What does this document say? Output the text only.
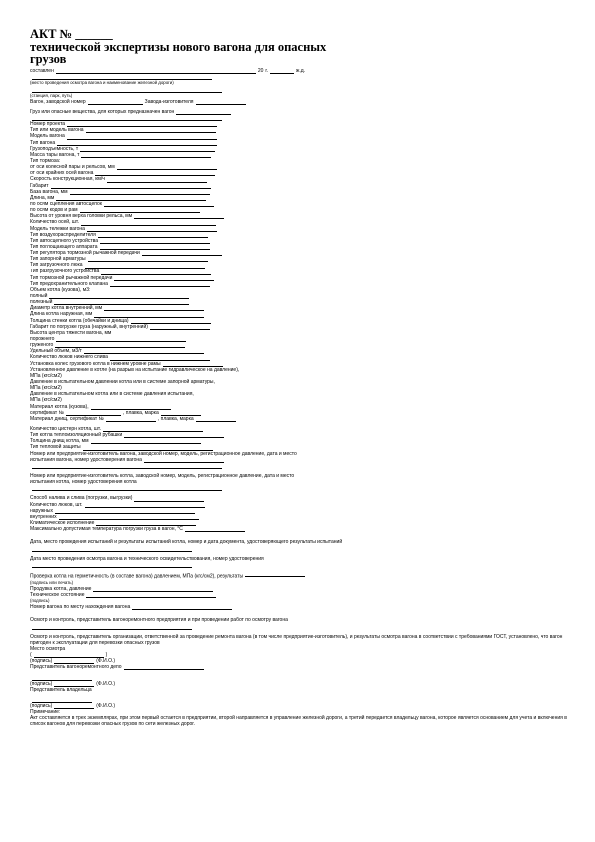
АКТ № ______
технической экспертизы нового вагона для опасных
грузов
составлен	20 г.	ж.д.
(место проведения осмотра вагона и наименование железной дороги)
(станция, парк, путь)
Вагон, заводской номер	Завода-изготовителя
Груз или опасные вещества, для которых предназначен вагон
Номер проекта
Тип или модель вагона
Модель вагона
Тип вагона
Грузоподъемность, т
Масса тары вагона, т
Тип тормоза:
от оси колесной пары и рельсов, мм
от оси крайних осей вагона
Скорость конструкционная, км/ч
Габарит
База вагона, мм
Длина, мм
по осям сцепления автосцепок
по осям кодов и рам
Высота от уровня верха головки рельса, мм
Количество осей, шт.
Модель тележки вагона
Тип воздухораспределителя
Тип автосцепного устройства
Тип поглощающего аппарата
Тип регулятора тормозной рычажной передачи
Тип запорной арматуры
Тип загрузочного люка
Тип разгрузочного устройства
Тип тормозной рычажной передачи
Тип предохранительного клапана
Объем котла (кузова), м3:
полный
полезный
Диаметр котла внутренний, мм
Длина котла наружная, мм
Толщина стенки котла (обечайки и днища)
Габарит по погрузке груза (наружный, внутренний)
Высота центра тяжести вагона, мм
порожнего
груженого
Удельный объем, м3/т
Количество люков нижнего слива
Установка колес грузового котла в нижнем уровне рамы
Установленное давление в котле (на разрыв на испытание гидравлическое на давление),
МПа (кгс/см2)
Давление в испытательном давлении котла или в системе запорной арматуры,
МПа (кгс/см2)
Давление в испытательном котла или в системе давления испытания,
МПа (кгс/см2)
Материал котла (кузова),
сертификат №	, плавка, марка
Материал днищ, сертификат №	, плавка, марка
Количество цистерн котла, шт.
Тип котла теплоизоляционный рубашки
Толщина днищ котла, мм
Тип тепловой защиты
Номер или предприятие-изготовитель вагона, заводской номер, модель, регистрационное давление, дата и место
испытания вагона, номер удостоверения вагона
Номер или предприятие-изготовитель котла, заводской номер, модель, регистрационное давление, дата и место
испытания котла, номер удостоверения котла
Способ налива и слива (погрузки, выгрузки)
Количество люков, шт.
наружных
внутренних
Климатическое исполнение
Максимально допустимая температура погрузки груза в вагон, °С
Дата, место проведения испытаний и результаты испытаний котла, номер и дата документа, удостоверяющего результаты испытаний
Дата место проведения осмотра вагона и технического освидетельствования, номер удостоверения
Проверка котла на герметичность (в составе вагона) давлением, МПа (кгс/см2), результаты
(подпись или печать)
Продувка котла, давление
Техническое состояние
(подпись)
Номер вагона по месту нахождения вагона
Осмотр и контроль, представитель вагоноремонтного предприятия и при проведении работ по осмотру вагона
Осмотр и контроль, представитель организации, ответственной за проведение ремонта вагона (в том числе предприятие-изготовитель), и результаты осмотра вагона в соответствии с требованиями ГОСТ, установлено, что вагон пригоден к эксплуатации для перевозки опасных грузов
Место осмотра
(	)
(подпись)	(Ф.И.О.)
Представитель вагоноремонтного депо
(подпись)	(Ф.И.О.)
Представитель владельца
(подпись)	(Ф.И.О.)
Примечание:
Акт составляется в трех экземплярах, при этом первый остается в предприятии, второй направляется в управление железной дороги, а третий передается владельцу вагона, которое является основанием для учета и включения в список вагонов для перевозки опасных грузов по сети железных дорог.
